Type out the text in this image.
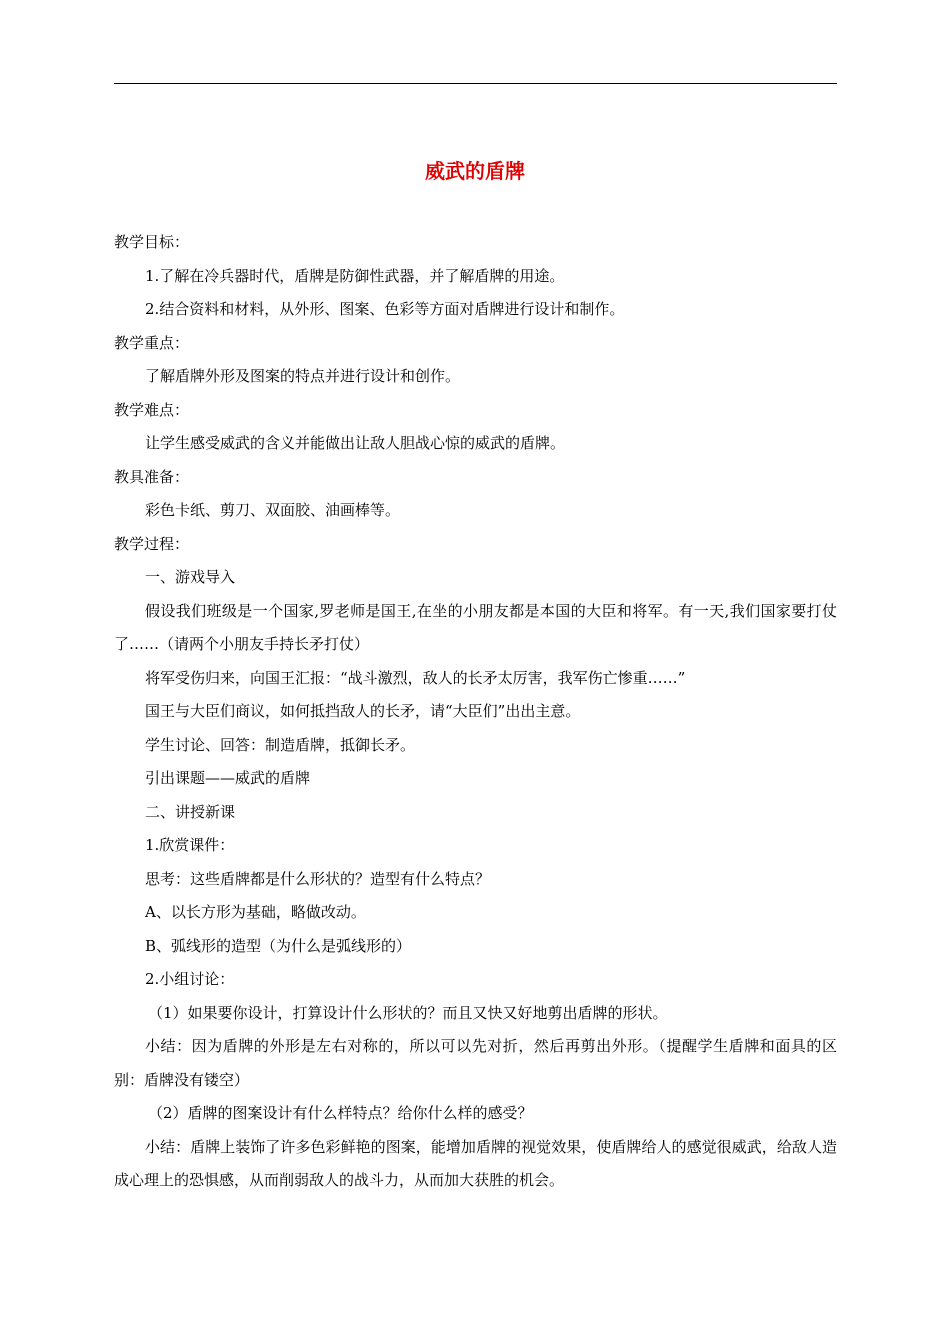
威武的盾牌

教学目标：

1.了解在冷兵器时代，盾牌是防御性武器，并了解盾牌的用途。

2.结合资料和材料，从外形、图案、色彩等方面对盾牌进行设计和制作。

教学重点：

了解盾牌外形及图案的特点并进行设计和创作。

教学难点：

让学生感受威武的含义并能做出让敌人胆战心惊的威武的盾牌。

教具准备：

彩色卡纸、剪刀、双面胶、油画棒等。

教学过程：

一、游戏导入

假设我们班级是一个国家,罗老师是国王,在坐的小朋友都是本国的大臣和将军。有一天,我们国家要打仗了……（请两个小朋友手持长矛打仗）

将军受伤归来，向国王汇报：“战斗激烈，敌人的长矛太厉害，我军伤亡惨重……”

国王与大臣们商议，如何抵挡敌人的长矛，请“大臣们”出出主意。

学生讨论、回答：制造盾牌，抵御长矛。

引出课题——威武的盾牌

二、讲授新课

1.欣赏课件：

思考：这些盾牌都是什么形状的？造型有什么特点？

A、以长方形为基础，略做改动。

B、弧线形的造型（为什么是弧线形的）

2.小组讨论：

（1）如果要你设计，打算设计什么形状的？而且又快又好地剪出盾牌的形状。

小结：因为盾牌的外形是左右对称的，所以可以先对折，然后再剪出外形。（提醒学生盾牌和面具的区别：盾牌没有镂空）

（2）盾牌的图案设计有什么样特点？给你什么样的感受？

小结：盾牌上装饰了许多色彩鲜艳的图案，能增加盾牌的视觉效果，使盾牌给人的感觉很威武，给敌人造成心理上的恐惧感，从而削弱敌人的战斗力，从而加大获胜的机会。
